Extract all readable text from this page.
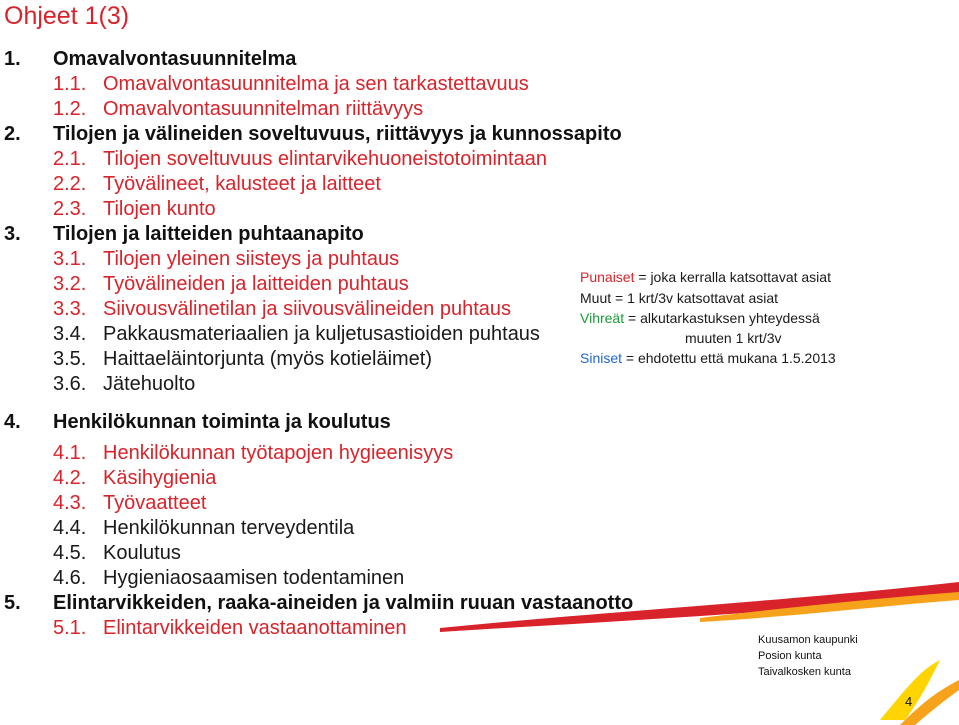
Ohjeet 1(3)
1. Omavalvontasuunnitelma
1.1. Omavalvontasuunnitelma ja sen tarkastettavuus
1.2. Omavalvontasuunnitelman riittävyys
2. Tilojen ja välineiden soveltuvuus, riittävyys ja kunnossapito
2.1. Tilojen soveltuvuus elintarvikehuoneistotoimintaan
2.2. Työvälineet, kalusteet ja laitteet
2.3. Tilojen kunto
3. Tilojen ja laitteiden puhtaanapito
3.1. Tilojen yleinen siisteys ja puhtaus
3.2. Työvälineiden ja laitteiden puhtaus
3.3. Siivousvälinetilan ja siivousvälineiden puhtaus
3.4. Pakkausmateriaalien ja kuljetusastioiden puhtaus
3.5. Haittaeläintorjunta (myös kotieläimet)
3.6. Jätehuolto
4. Henkilökunnan toiminta ja koulutus
4.1. Henkilökunnan työtapojen hygieenisyys
4.2. Käsihygienia
4.3. Työvaatteet
4.4. Henkilökunnan terveydentila
4.5. Koulutus
4.6. Hygieniaosaamisen todentaminen
5. Elintarvikkeiden, raaka-aineiden ja valmiin ruuan vastaanotto
5.1. Elintarvikkeiden vastaanottaminen
Punaiset = joka kerralla katsottavat asiat
Muut = 1 krt/3v katsottavat asiat
Vihreät = alkutarkastuksen yhteydessä
muuten 1 krt/3v
Siniset = ehdotettu että mukana 1.5.2013
Kuusamon kaupunki
Posion kunta
Taivalkosken kunta
4
